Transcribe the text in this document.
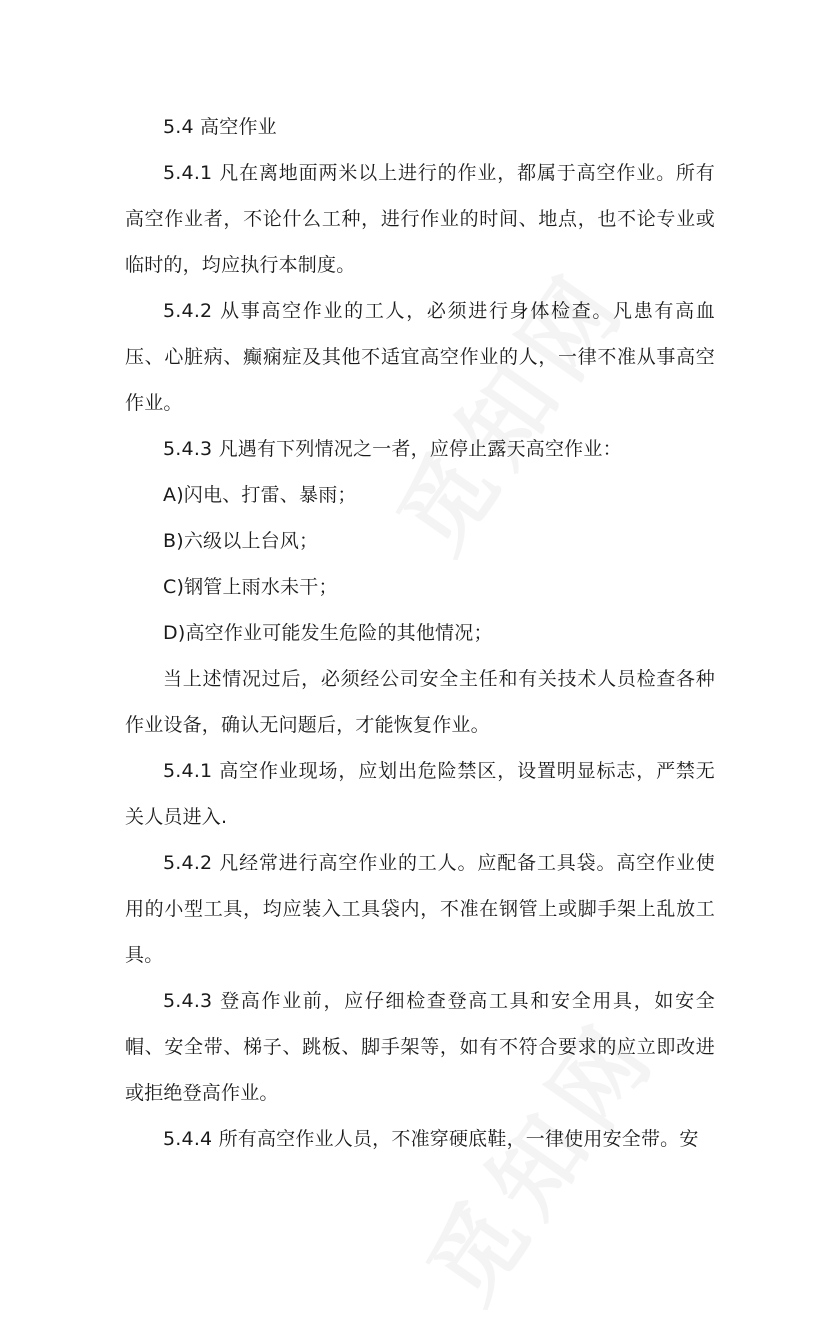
5.4 高空作业

5.4.1 凡在离地面两米以上进行的作业，都属于高空作业。所有高空作业者，不论什么工种，进行作业的时间、地点，也不论专业或临时的，均应执行本制度。

5.4.2 从事高空作业的工人，必须进行身体检查。凡患有高血压、心脏病、癫痫症及其他不适宜高空作业的人，一律不准从事高空作业。

5.4.3 凡遇有下列情况之一者，应停止露天高空作业：

A)闪电、打雷、暴雨；

B)六级以上台风；

C)钢管上雨水未干；

D)高空作业可能发生危险的其他情况；

当上述情况过后，必须经公司安全主任和有关技术人员检查各种作业设备，确认无问题后，才能恢复作业。

5.4.1 高空作业现场，应划出危险禁区，设置明显标志，严禁无关人员进入.

5.4.2 凡经常进行高空作业的工人。应配备工具袋。高空作业使用的小型工具，均应装入工具袋内，不准在钢管上或脚手架上乱放工具。

5.4.3 登高作业前，应仔细检查登高工具和安全用具，如安全帽、安全带、梯子、跳板、脚手架等，如有不符合要求的应立即改进或拒绝登高作业。

5.4.4 所有高空作业人员，不准穿硬底鞋，一律使用安全带。安
